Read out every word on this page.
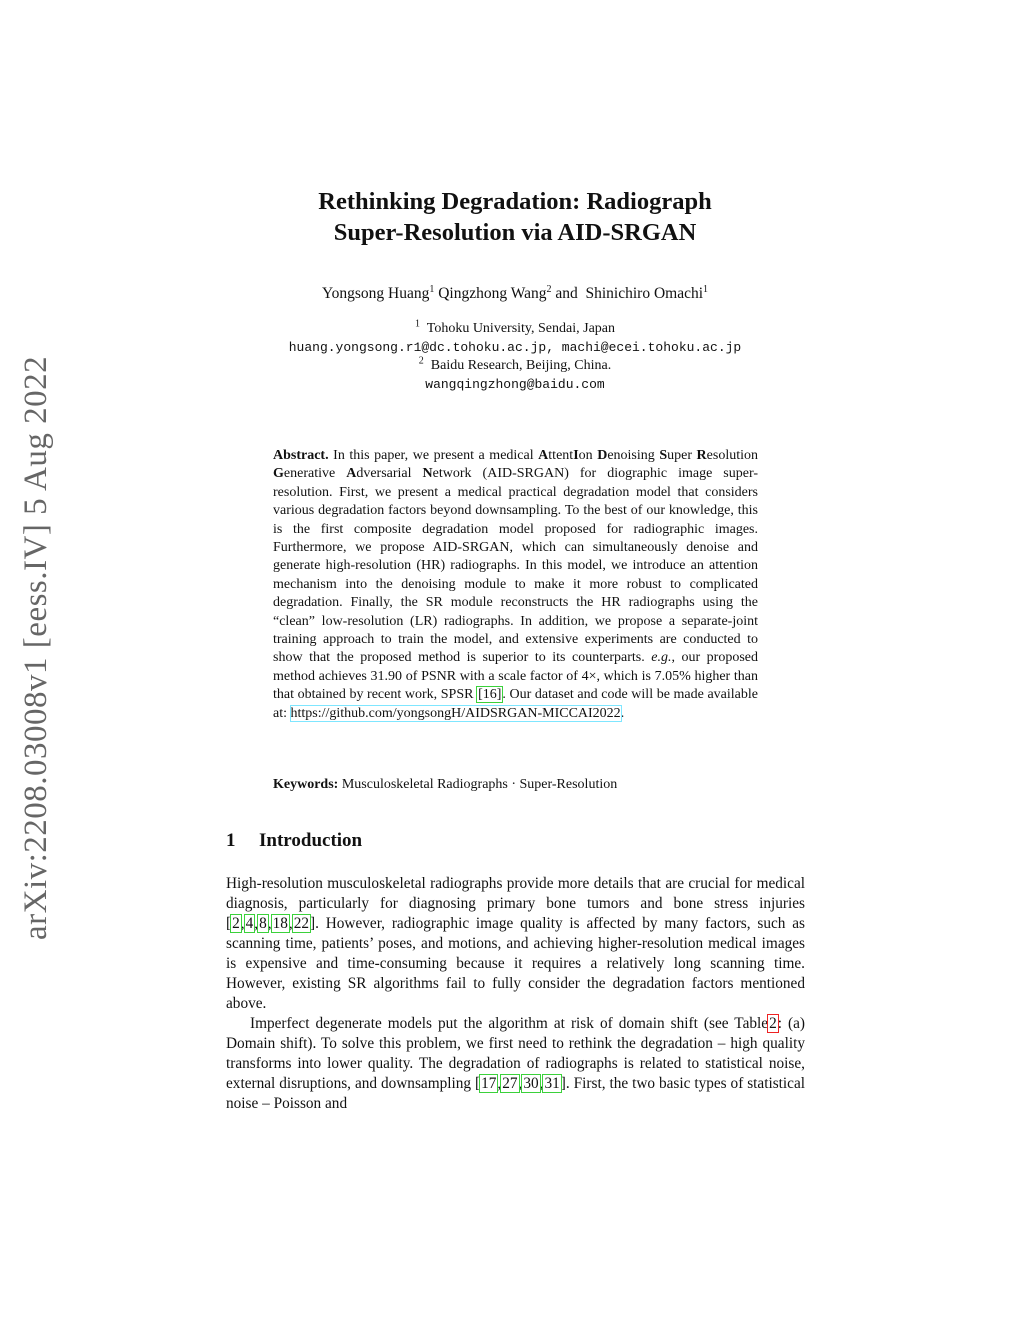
arXiv:2208.03008v1 [eess.IV] 5 Aug 2022
Rethinking Degradation: Radiograph
Super-Resolution via AID-SRGAN
Yongsong Huang$^1$ Qingzhong Wang$^2$ and Shinichiro Omachi$^1$
$^1$ Tohoku University, Sendai, Japan
huang.yongsong.r1@dc.tohoku.ac.jp, machi@ecei.tohoku.ac.jp
$^2$ Baidu Research, Beijing, China.
wangqingzhong@baidu.com
Abstract. In this paper, we present a medical AttentIon Denoising Super Resolution Generative Adversarial Network (AID-SRGAN) for diographic image super-resolution. First, we present a medical practical degradation model that considers various degradation factors beyond downsampling. To the best of our knowledge, this is the first composite degradation model proposed for radiographic images. Furthermore, we propose AID-SRGAN, which can simultaneously denoise and generate high-resolution (HR) radiographs. In this model, we introduce an attention mechanism into the denoising module to make it more robust to complicated degradation. Finally, the SR module reconstructs the HR radiographs using the “clean” low-resolution (LR) radiographs. In addition, we propose a separate-joint training approach to train the model, and extensive experiments are conducted to show that the proposed method is superior to its counterparts. e.g., our proposed method achieves 31.90 of PSNR with a scale factor of 4×, which is 7.05% higher than that obtained by recent work, SPSR [16]. Our dataset and code will be made available at: https://github.com/yongsongH/AIDSRGAN-MICCAI2022.
Keywords: Musculoskeletal Radiographs · Super-Resolution
1 Introduction

High-resolution musculoskeletal radiographs provide more details that are crucial for medical diagnosis, particularly for diagnosing primary bone tumors and bone stress injuries [2,4,8,18,22]. However, radiographic image quality is affected by many factors, such as scanning time, patients’ poses, and motions, and achieving higher-resolution medical images is expensive and time-consuming because it requires a relatively long scanning time. However, existing SR algorithms fail to fully consider the degradation factors mentioned above.

Imperfect degenerate models put the algorithm at risk of domain shift (see Table2: (a) Domain shift). To solve this problem, we first need to rethink the degradation – high quality transforms into lower quality. The degradation of radiographs is related to statistical noise, external disruptions, and downsampling [17,27,30,31]. First, the two basic types of statistical noise – Poisson and
